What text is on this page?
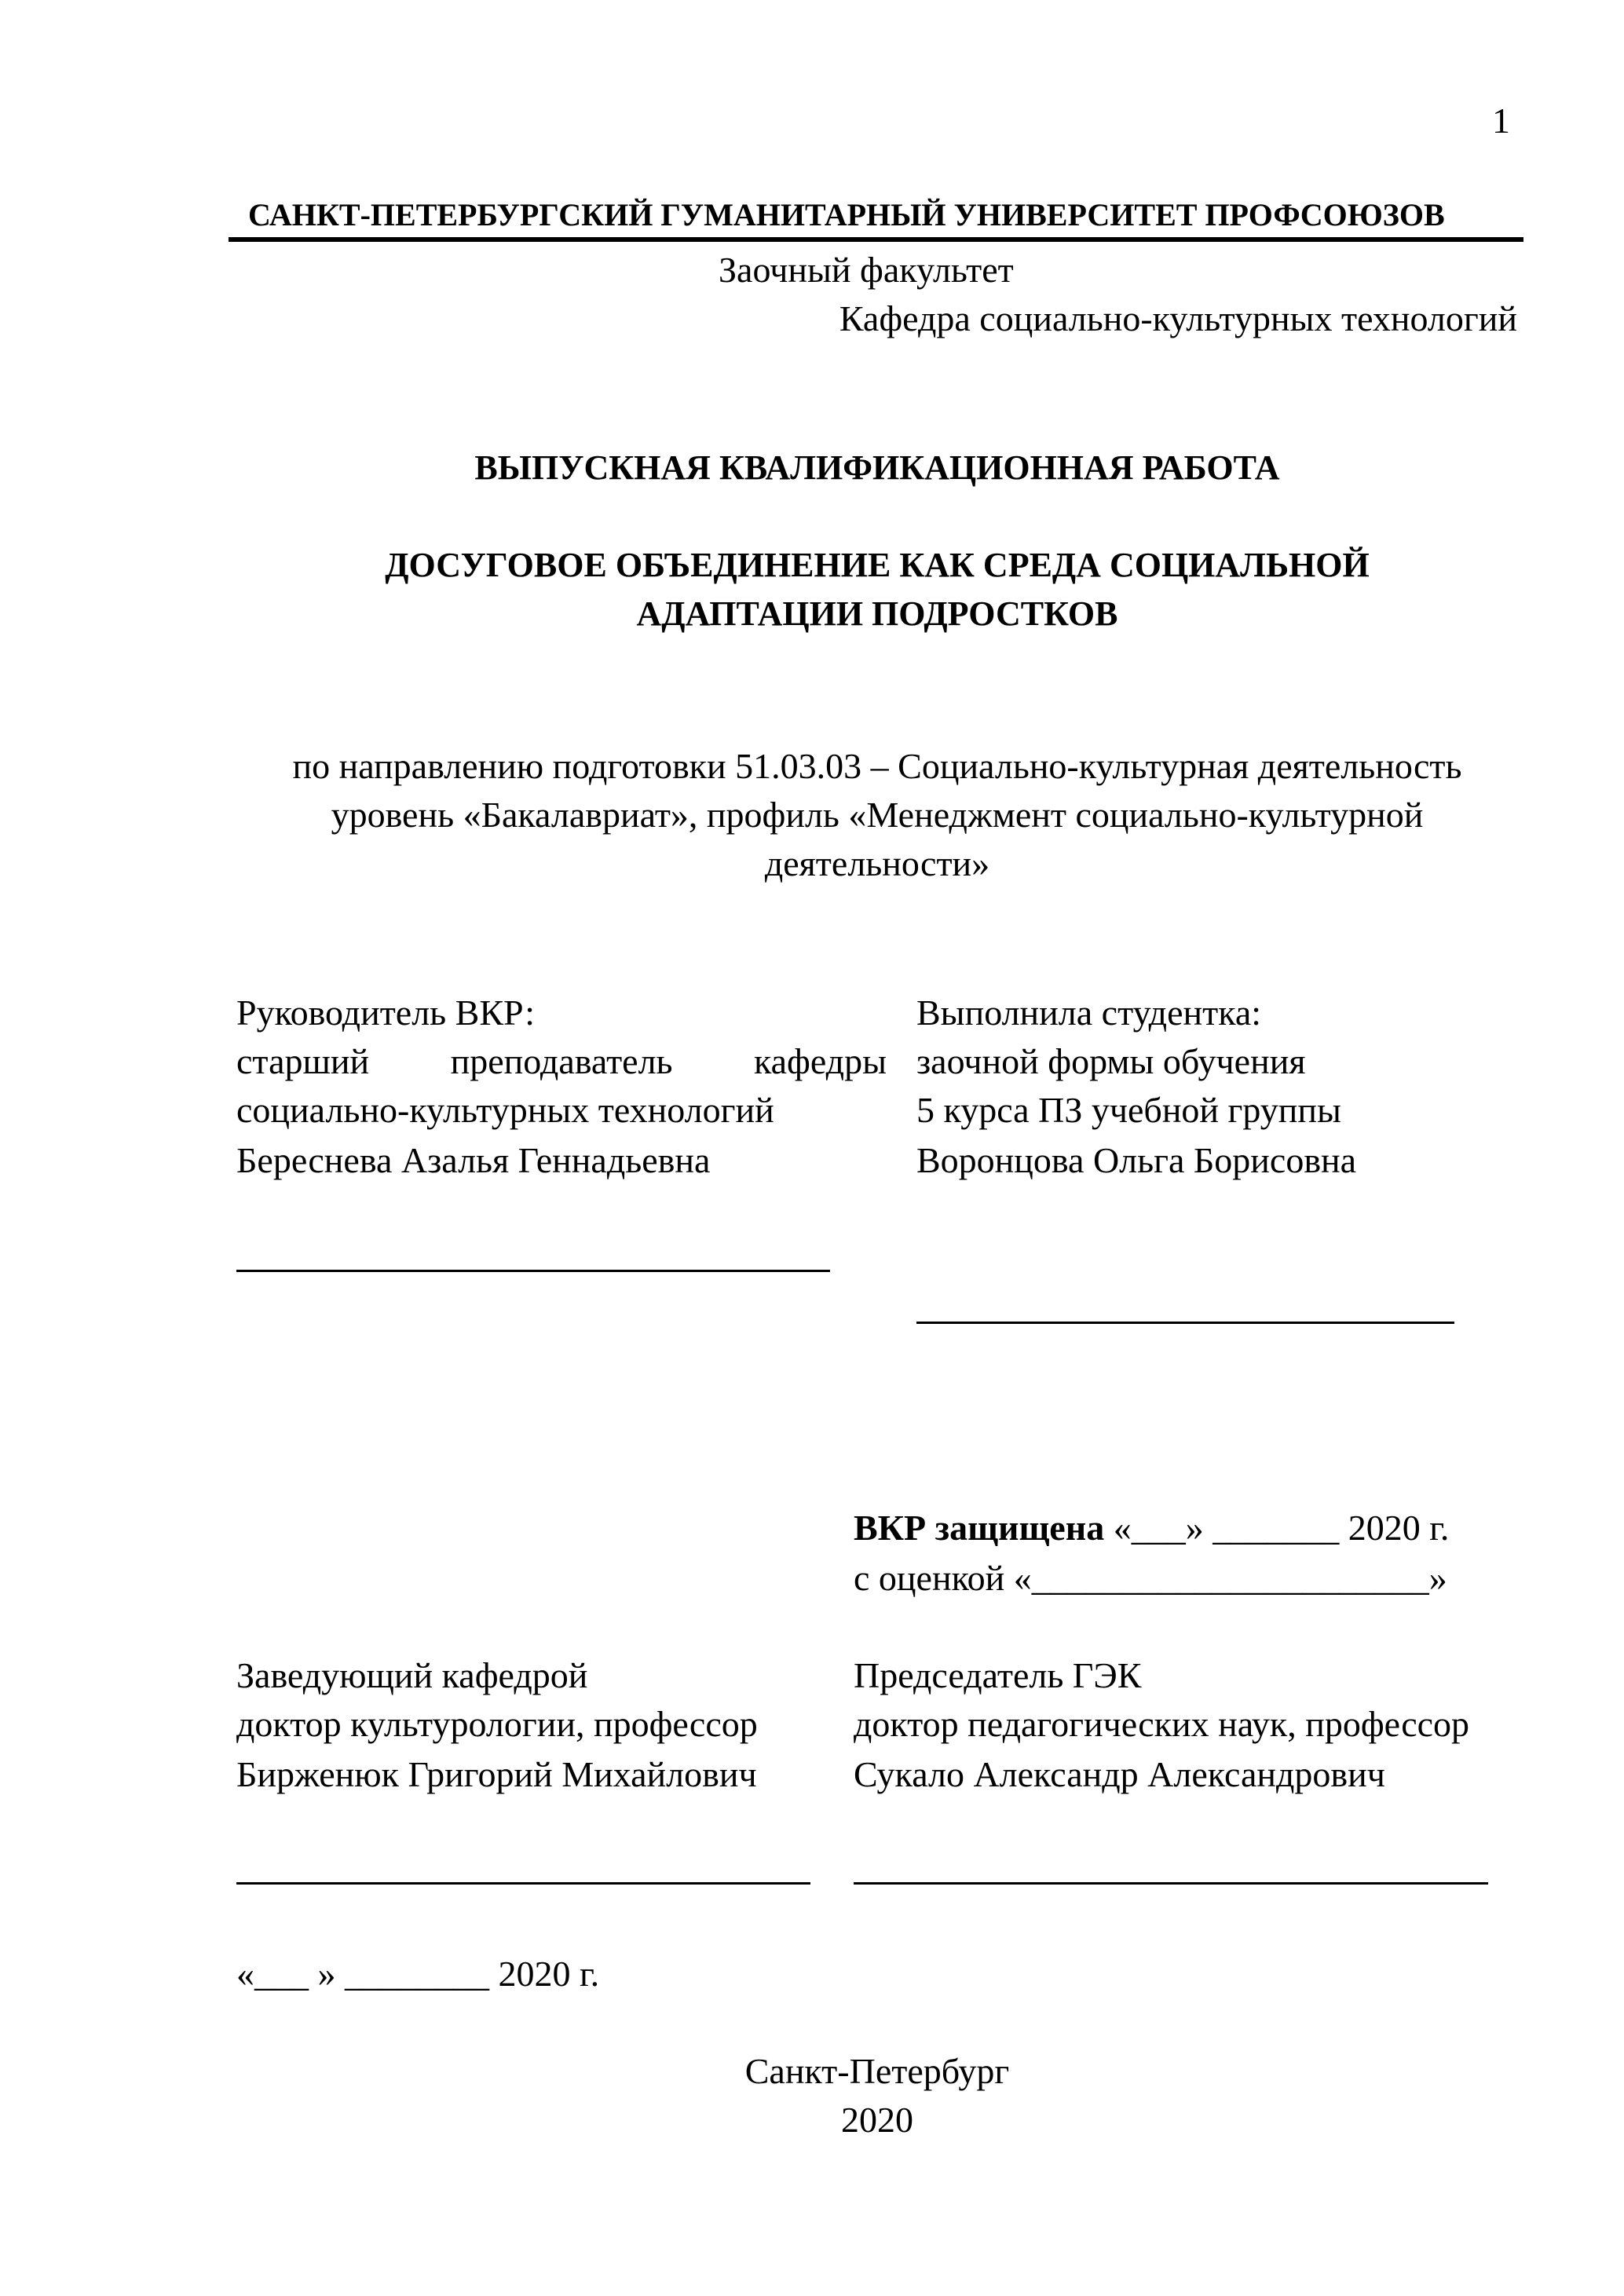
1
САНКТ-ПЕТЕРБУРГСКИЙ ГУМАНИТАРНЫЙ УНИВЕРСИТЕТ ПРОФСОЮЗОВ
Заочный факультет
Кафедра социально-культурных технологий
ВЫПУСКНАЯ КВАЛИФИКАЦИОННАЯ РАБОТА
ДОСУГОВОЕ ОБЪЕДИНЕНИЕ КАК СРЕДА СОЦИАЛЬНОЙ
АДАПТАЦИИ ПОДРОСТКОВ
по направлению подготовки 51.03.03 – Социально-культурная деятельность
уровень «Бакалавриат», профиль «Менеджмент социально-культурной
деятельности»
Руководитель ВКР:
старший преподаватель кафедры
социально-культурных технологий
Береснева Азалья Геннадьевна
Выполнила студентка:
заочной формы обучения
5 курса ПЗ учебной группы
Воронцова Ольга Борисовна
ВКР защищена «___» _______ 2020 г.
с оценкой «______________________»
Заведующий кафедрой
доктор культурологии, профессор
Бирженюк Григорий Михайлович
Председатель ГЭК
доктор педагогических наук, профессор
Сукало Александр Александрович
«___ » ________ 2020 г.
Санкт-Петербург
2020
